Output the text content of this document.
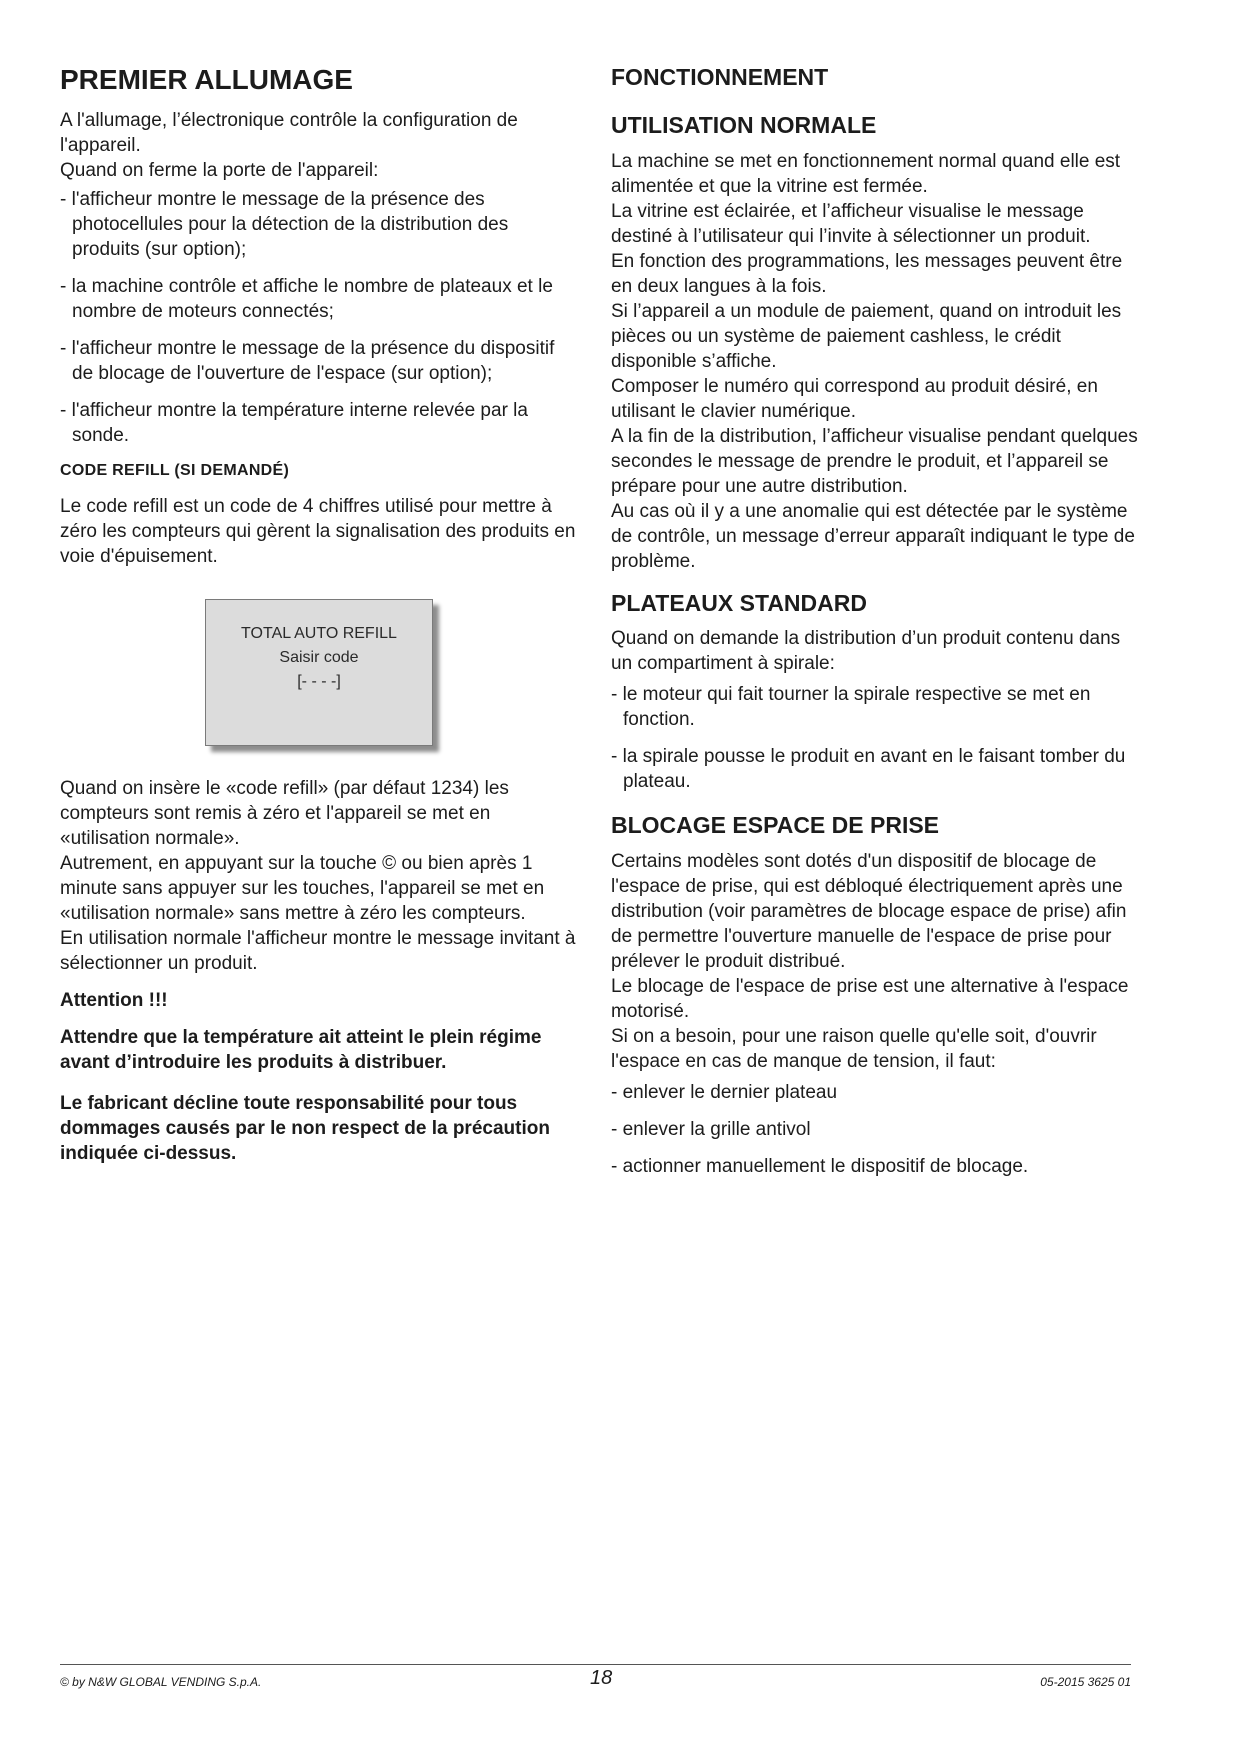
PREMIER ALLUMAGE

A l'allumage, l’électronique contrôle la configuration de l'appareil.

Quand on ferme la porte de l'appareil:

- l'afficheur montre le message de la présence des photocellules pour la détection de la distribution des produits (sur option);
- la machine contrôle et affiche le nombre de plateaux et le nombre de moteurs connectés;
- l'afficheur montre le message de la présence du dispositif de blocage de l'ouverture de l'espace (sur option);
- l'afficheur montre la température interne relevée par la sonde.
CODE REFILL (SI DEMANDÉ)

Le code refill est un code de 4 chiffres utilisé pour mettre à zéro les compteurs qui gèrent la signalisation des produits en voie d'épuisement.

TOTAL AUTO REFILL
Saisir code
[- - - -]

Quand on insère le «code refill» (par défaut 1234) les compteurs sont remis à zéro et l'appareil se met en «utilisation normale».

Autrement, en appuyant sur la touche © ou bien après 1 minute sans appuyer sur les touches, l'appareil se met en «utilisation normale» sans mettre à zéro les compteurs.

En utilisation normale l'afficheur montre le message invitant à sélectionner un produit.

Attention !!!

Attendre que la température ait atteint le plein régime avant d’introduire les produits à distribuer.

Le fabricant décline toute responsabilité pour tous dommages causés par le non respect de la précaution indiquée ci-dessus.

FONCTIONNEMENT
UTILISATION NORMALE

La machine se met en fonctionnement normal quand elle est alimentée et que la vitrine est fermée.

La vitrine est éclairée, et l’afficheur visualise le message destiné à l’utilisateur qui l’invite à sélectionner un produit.

En fonction des programmations, les messages peuvent être en deux langues à la fois.

Si l’appareil a un module de paiement, quand on introduit les pièces ou un système de paiement cashless, le crédit disponible s’affiche.

Composer le numéro qui correspond au produit désiré, en utilisant le clavier numérique.

A la fin de la distribution, l’afficheur visualise pendant quelques secondes le message de prendre le produit, et l’appareil se prépare pour une autre distribution.

Au cas où il y a une anomalie qui est détectée par le système de contrôle, un message d’erreur apparaît indiquant le type de problème.

PLATEAUX STANDARD

Quand on demande la distribution d’un produit contenu dans un compartiment à spirale:

- le moteur qui fait tourner la spirale respective se met en fonction.
- la spirale pousse le produit en avant en le faisant tomber du plateau.
BLOCAGE ESPACE DE PRISE

Certains modèles sont dotés d'un dispositif de blocage de l'espace de prise, qui est débloqué électriquement après une distribution (voir paramètres de blocage espace de prise) afin de permettre l'ouverture manuelle de l'espace de prise pour prélever le produit distribué.

Le blocage de l'espace de prise est une alternative à l'espace motorisé.

Si on a besoin, pour une raison quelle qu'elle soit, d'ouvrir l'espace en cas de manque de tension, il faut:

- enlever le dernier plateau
- enlever la grille antivol
- actionner manuellement le dispositif de blocage.
© by N&W GLOBAL VENDING S.p.A.	18	05-2015 3625 01
